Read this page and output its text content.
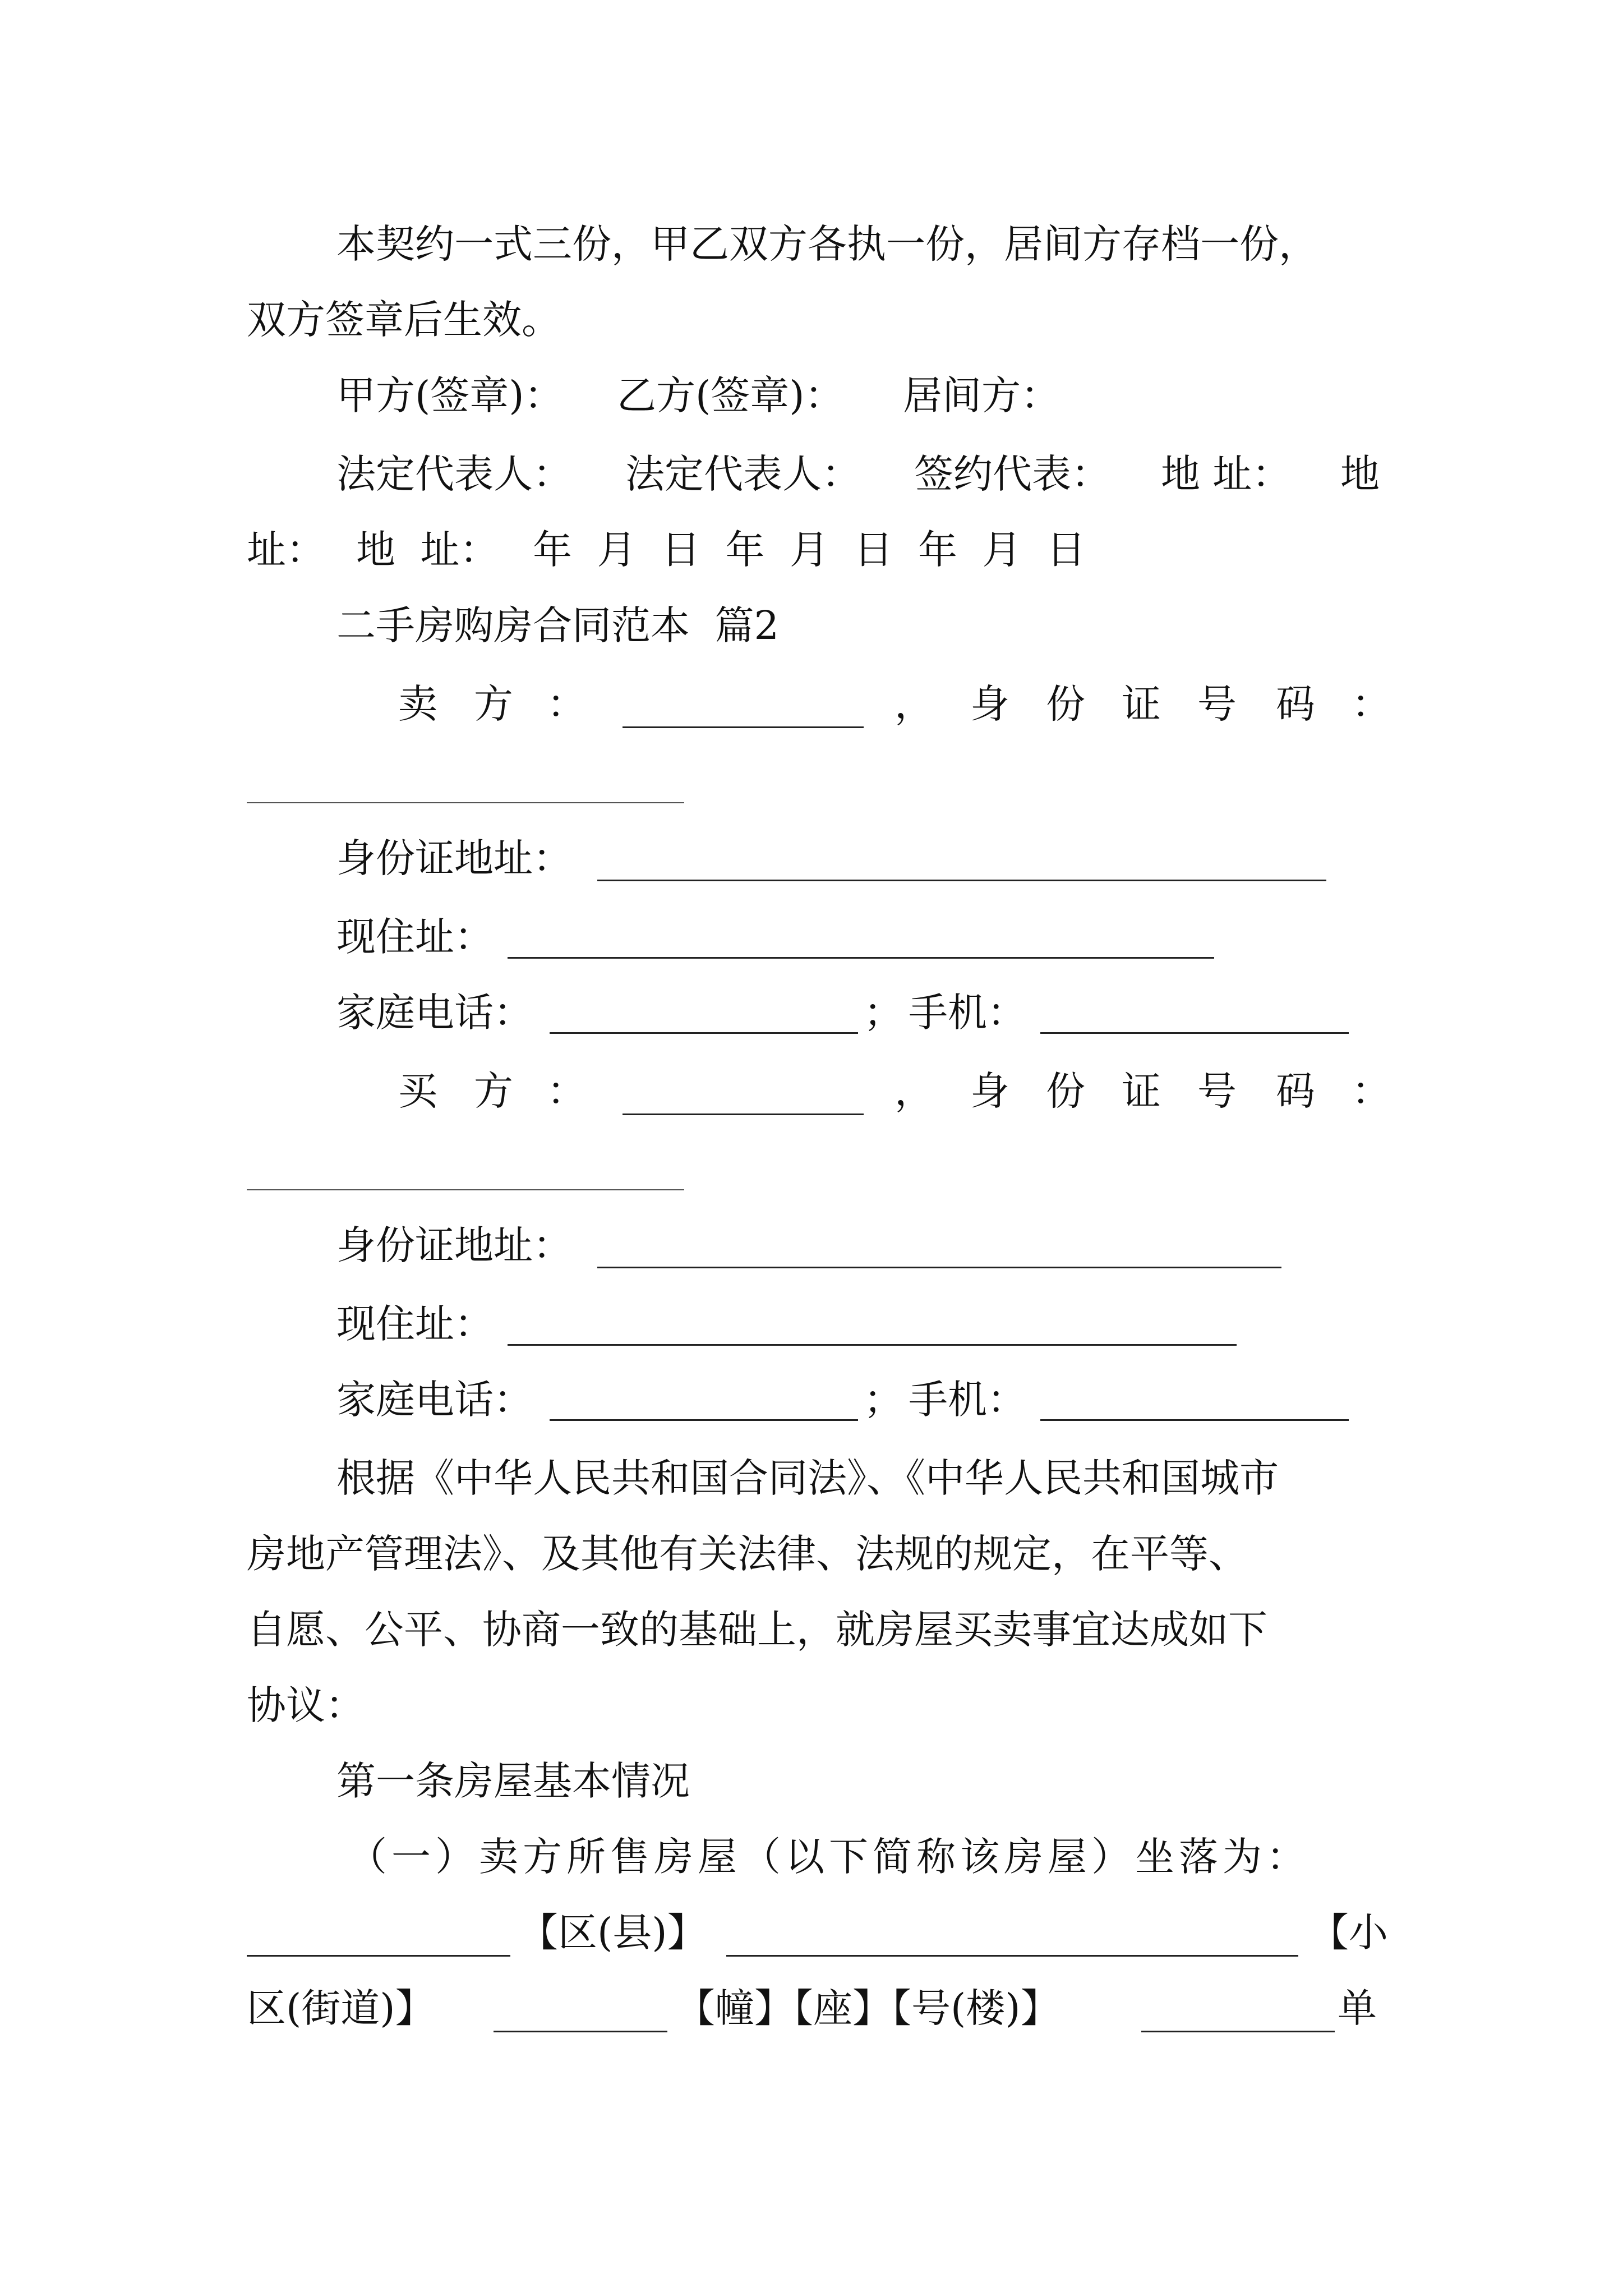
本契约一式三份，甲乙双方各执一份，居间方存档一份，
双方签章后生效。
甲方(签章)： 乙方(签章)： 居间方：
法定代表人： 法定代表人： 签约代表： 地 址： 地
址： 地  址： 年  月  日  年  月  日  年  月  日
二手房购房合同范本  篇2
卖 方 ：	， 身 份 证 号 码 ：
身份证地址：
现住址：
家庭电话：	； 手机：
买 方 ：	， 身 份 证 号 码 ：
身份证地址：
现住址：
家庭电话：	； 手机：
根据《中华人民共和国合同法》、《中华人民共和国城市
房地产管理法》、及其他有关法律、法规的规定，在平等、
自愿、公平、协商一致的基础上，就房屋买卖事宜达成如下
协议：
第一条房屋基本情况
（一）卖方所售房屋（以下简称该房屋）坐落为：
【区(县)】	【小
区(街道)】	【幢】【座】【号(楼)】	单
